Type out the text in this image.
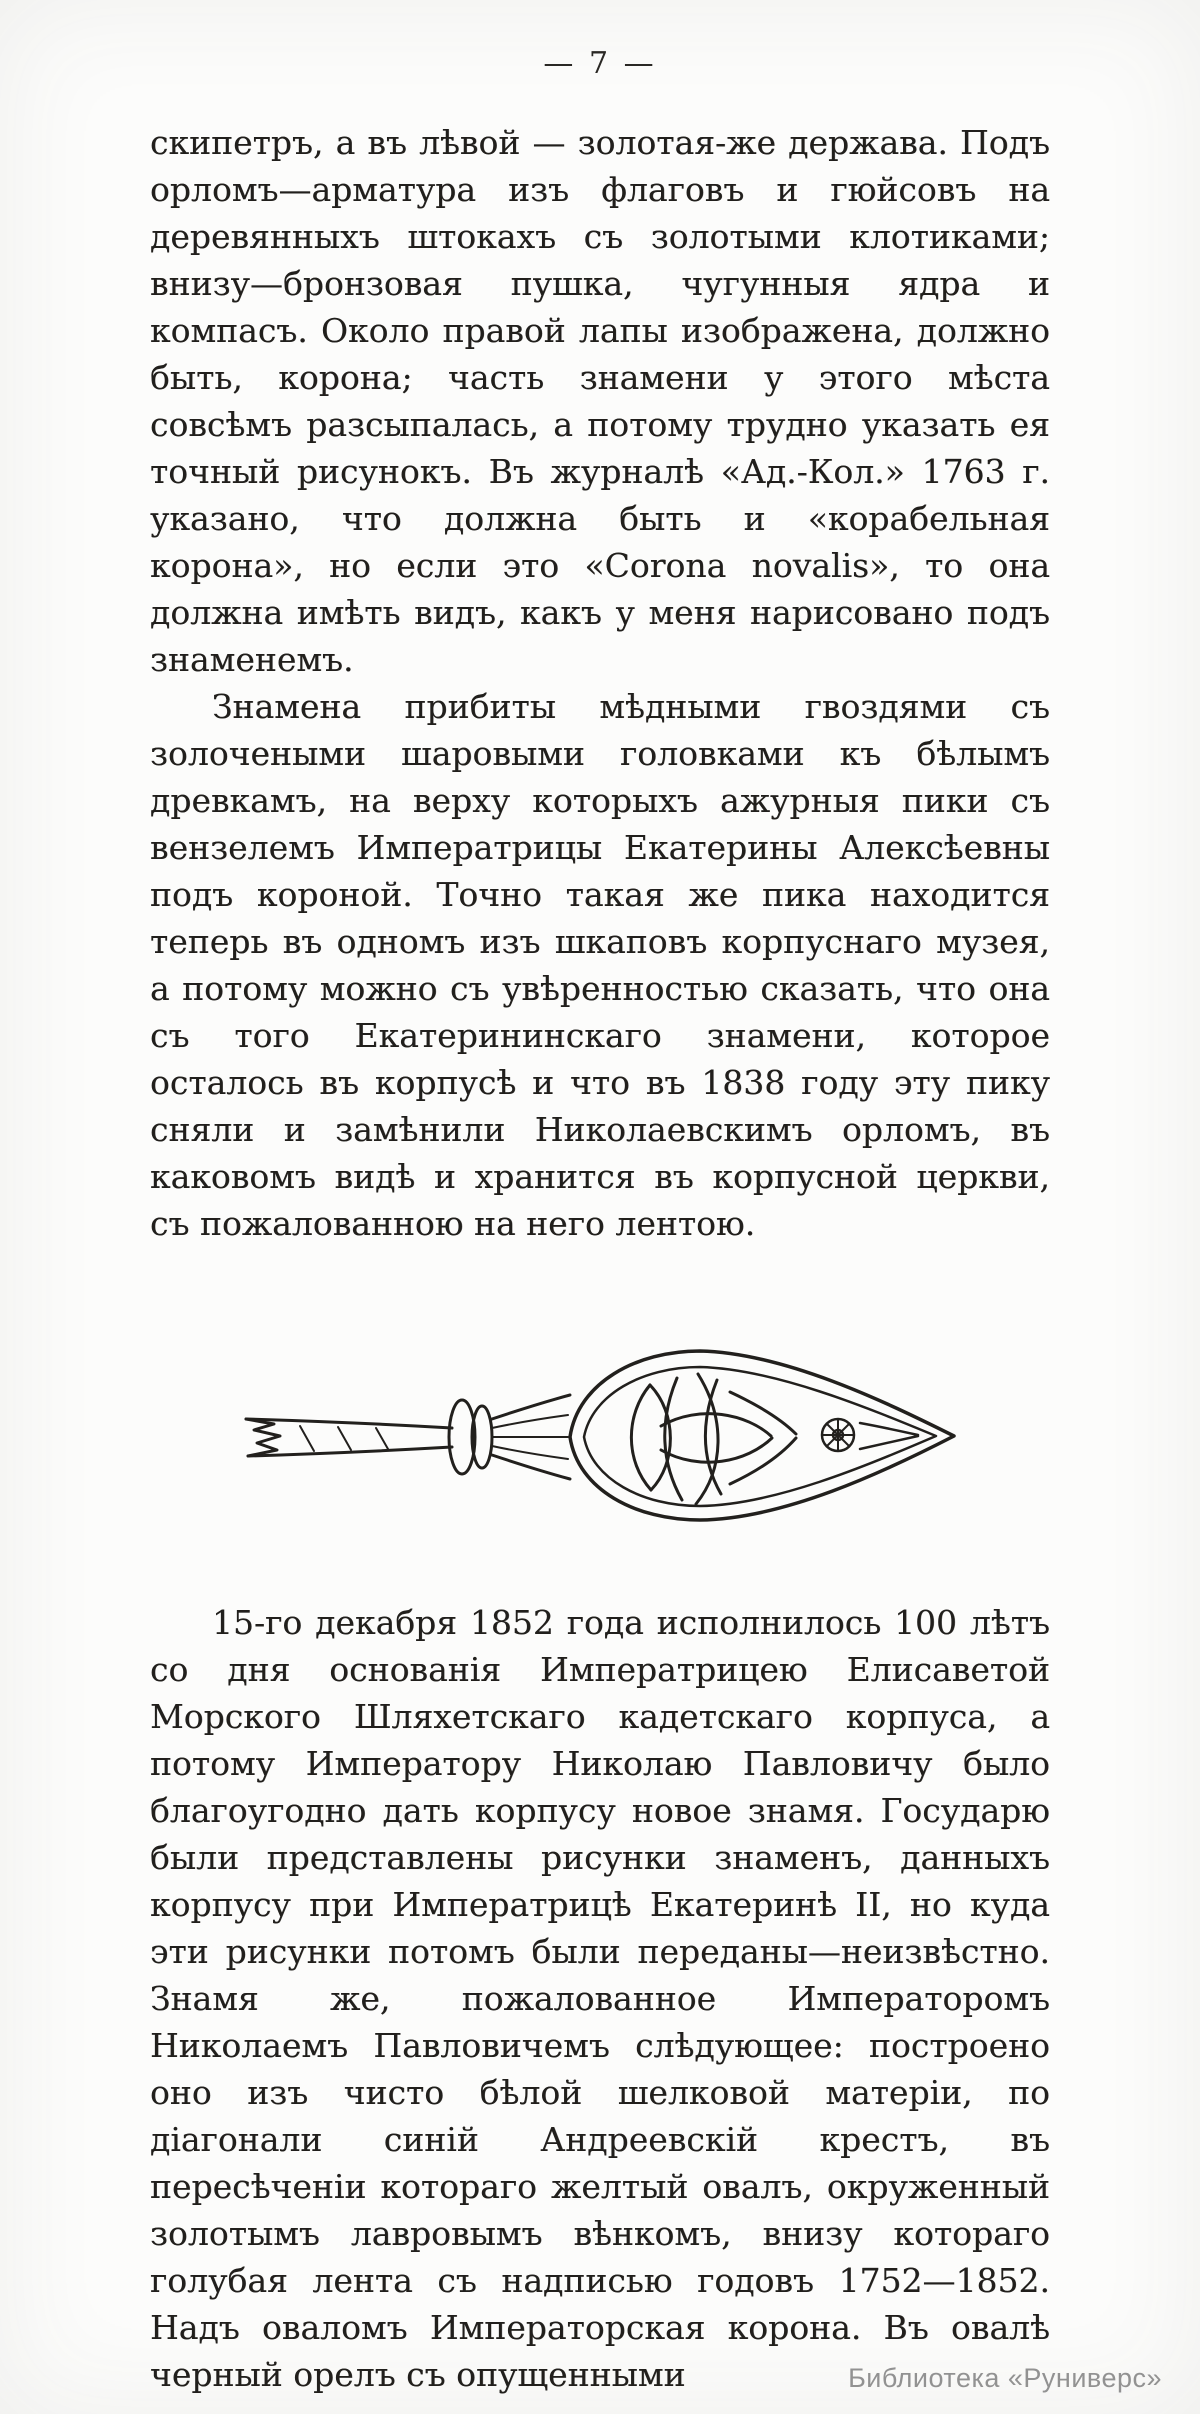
— 7 —

скипетръ, а въ лѣвой — золотая-же держава. Подъ орломъ—арматура изъ флаговъ и гюйсовъ на деревянныхъ штокахъ съ золотыми клотиками; внизу—бронзовая пушка, чугунныя ядра и компасъ. Около правой лапы изображена, должно быть, корона; часть знамени у этого мѣста совсѣмъ разсыпалась, а потому трудно указать ея точный рисунокъ. Въ журналѣ «Ад.-Кол.» 1763 г. указано, что должна быть и «корабельная корона», но если это «Corona novalis», то она должна имѣть видъ, какъ у меня нарисовано подъ знаменемъ.

Знамена прибиты мѣдными гвоздями съ золочеными шаровыми головками къ бѣлымъ древкамъ, на верху которыхъ ажурныя пики съ вензелемъ Императрицы Екатерины Алексѣевны подъ короной. Точно такая же пика находится теперь въ одномъ изъ шкаповъ корпуснаго музея, а потому можно съ увѣренностью сказать, что она съ того Екатерининскаго знамени, которое осталось въ корпусѣ и что въ 1838 году эту пику сняли и замѣнили Николаевскимъ орломъ, въ каковомъ видѣ и хранится въ корпусной церкви, съ пожалованною на него лентою.

15-го декабря 1852 года исполнилось 100 лѣтъ со дня основанія Императрицею Елисаветой Морского Шляхетскаго кадетскаго корпуса, а потому Императору Николаю Павловичу было благоугодно дать корпусу новое знамя. Государю были представлены рисунки знаменъ, данныхъ корпусу при Императрицѣ Екатеринѣ II, но куда эти рисунки потомъ были переданы—неизвѣстно. Знамя же, пожалованное Императоромъ Николаемъ Павловичемъ слѣдующее: построено оно изъ чисто бѣлой шелковой матеріи, по діагонали синій Андреевскій крестъ, въ пересѣченіи котораго желтый овалъ, окруженный золотымъ лавровымъ вѣнкомъ, внизу котораго голубая лента съ надписью годовъ 1752—1852. Надъ оваломъ Императорская корона. Въ овалѣ черный орелъ съ опущенными	Библиотека «Руниверс»
